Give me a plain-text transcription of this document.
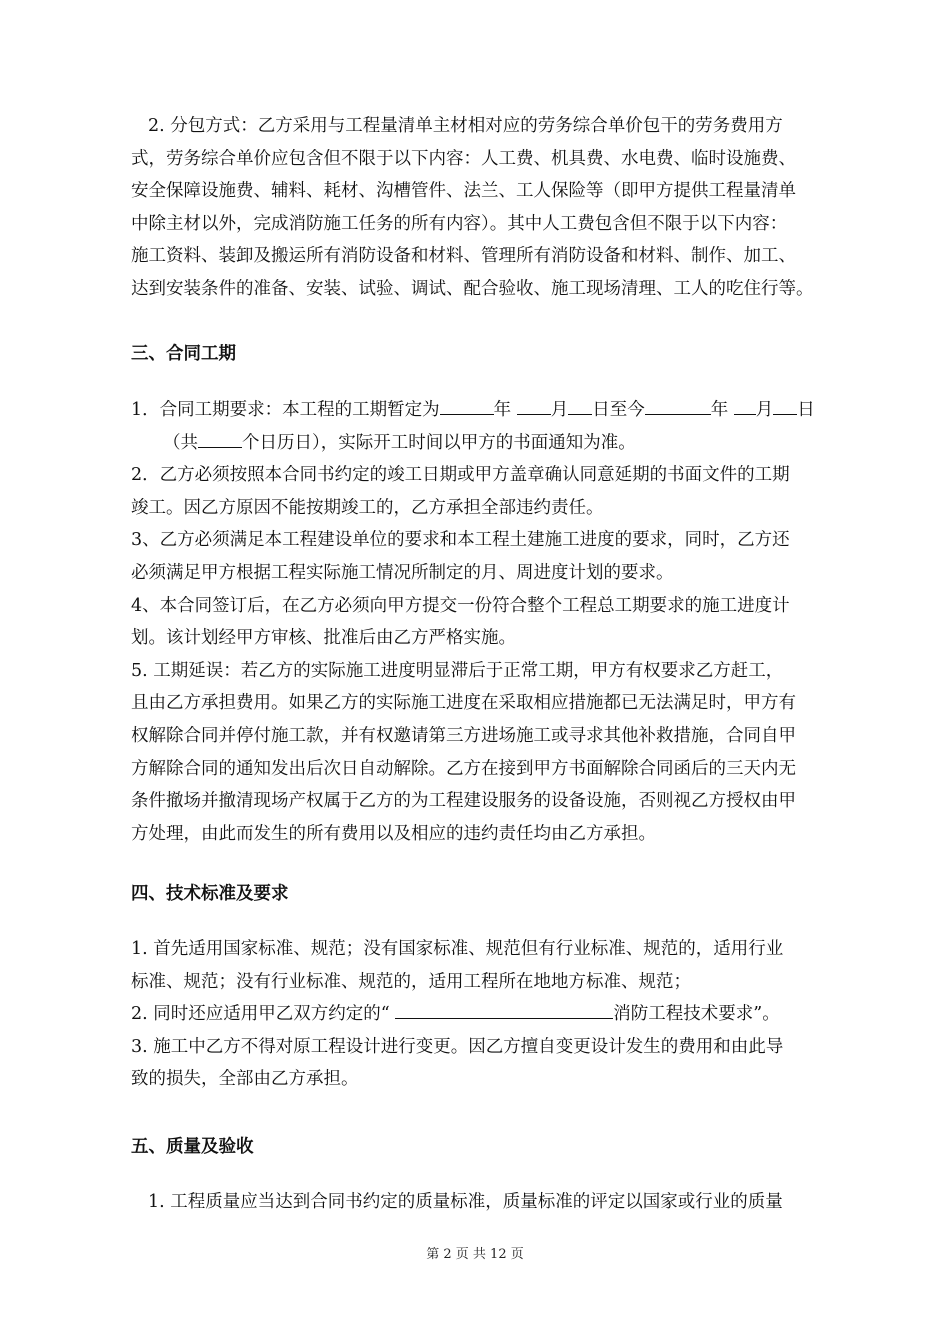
2. 分包方式：乙方采用与工程量清单主材相对应的劳务综合单价包干的劳务费用方
式，劳务综合单价应包含但不限于以下内容：人工费、机具费、水电费、临时设施费、
安全保障设施费、辅料、耗材、沟槽管件、法兰、工人保险等（即甲方提供工程量清单
中除主材以外，完成消防施工任务的所有内容）。其中人工费包含但不限于以下内容：
施工资料、装卸及搬运所有消防设备和材料、管理所有消防设备和材料、制作、加工、
达到安装条件的准备、安装、试验、调试、配合验收、施工现场清理、工人的吃住行等。
三、合同工期
1．合同工期要求：本工程的工期暂定为	年 月 日至今	年 月 日
（共	个日历日），实际开工时间以甲方的书面通知为准。
2．乙方必须按照本合同书约定的竣工日期或甲方盖章确认同意延期的书面文件的工期
竣工。因乙方原因不能按期竣工的，乙方承担全部违约责任。
3、乙方必须满足本工程建设单位的要求和本工程土建施工进度的要求，同时，乙方还
必须满足甲方根据工程实际施工情况所制定的月、周进度计划的要求。
4、本合同签订后，在乙方必须向甲方提交一份符合整个工程总工期要求的施工进度计
划。该计划经甲方审核、批准后由乙方严格实施。
5. 工期延误：若乙方的实际施工进度明显滞后于正常工期，甲方有权要求乙方赶工，
且由乙方承担费用。如果乙方的实际施工进度在采取相应措施都已无法满足时，甲方有
权解除合同并停付施工款，并有权邀请第三方进场施工或寻求其他补救措施，合同自甲
方解除合同的通知发出后次日自动解除。乙方在接到甲方书面解除合同函后的三天内无
条件撤场并撤清现场产权属于乙方的为工程建设服务的设备设施，否则视乙方授权由甲
方处理，由此而发生的所有费用以及相应的违约责任均由乙方承担。
四、技术标准及要求
1. 首先适用国家标准、规范；没有国家标准、规范但有行业标准、规范的，适用行业
标准、规范；没有行业标准、规范的，适用工程所在地地方标准、规范；
2. 同时还应适用甲乙双方约定的“	消防工程技术要求”。
3. 施工中乙方不得对原工程设计进行变更。因乙方擅自变更设计发生的费用和由此导
致的损失，全部由乙方承担。
五、质量及验收
1. 工程质量应当达到合同书约定的质量标准，质量标准的评定以国家或行业的质量
第 2 页 共 12 页
